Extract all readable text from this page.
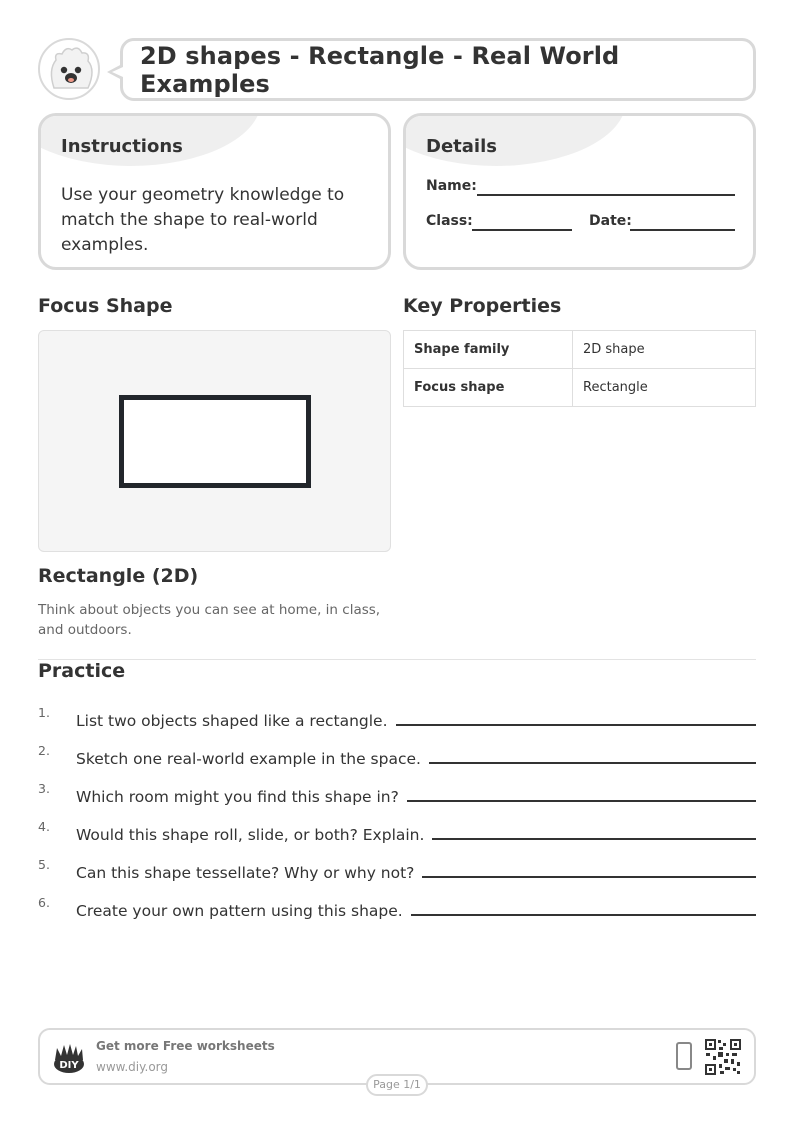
2D shapes - Rectangle - Real World Examples
Instructions
Use your geometry knowledge to match the shape to real-world examples.
Details
Name:
Class:	Date:
Focus Shape
Rectangle (2D)
Think about objects you can see at home, in class, and outdoors.
Key Properties
Shape family	2D shape
Focus shape	Rectangle
Practice
1.	List two objects shaped like a rectangle.
2.	Sketch one real-world example in the space.
3.	Which room might you find this shape in?
4.	Would this shape roll, slide, or both? Explain.
5.	Can this shape tessellate? Why or why not?
6.	Create your own pattern using this shape.
DIY
Get more Free worksheets
www.diy.org
Page 1/1
